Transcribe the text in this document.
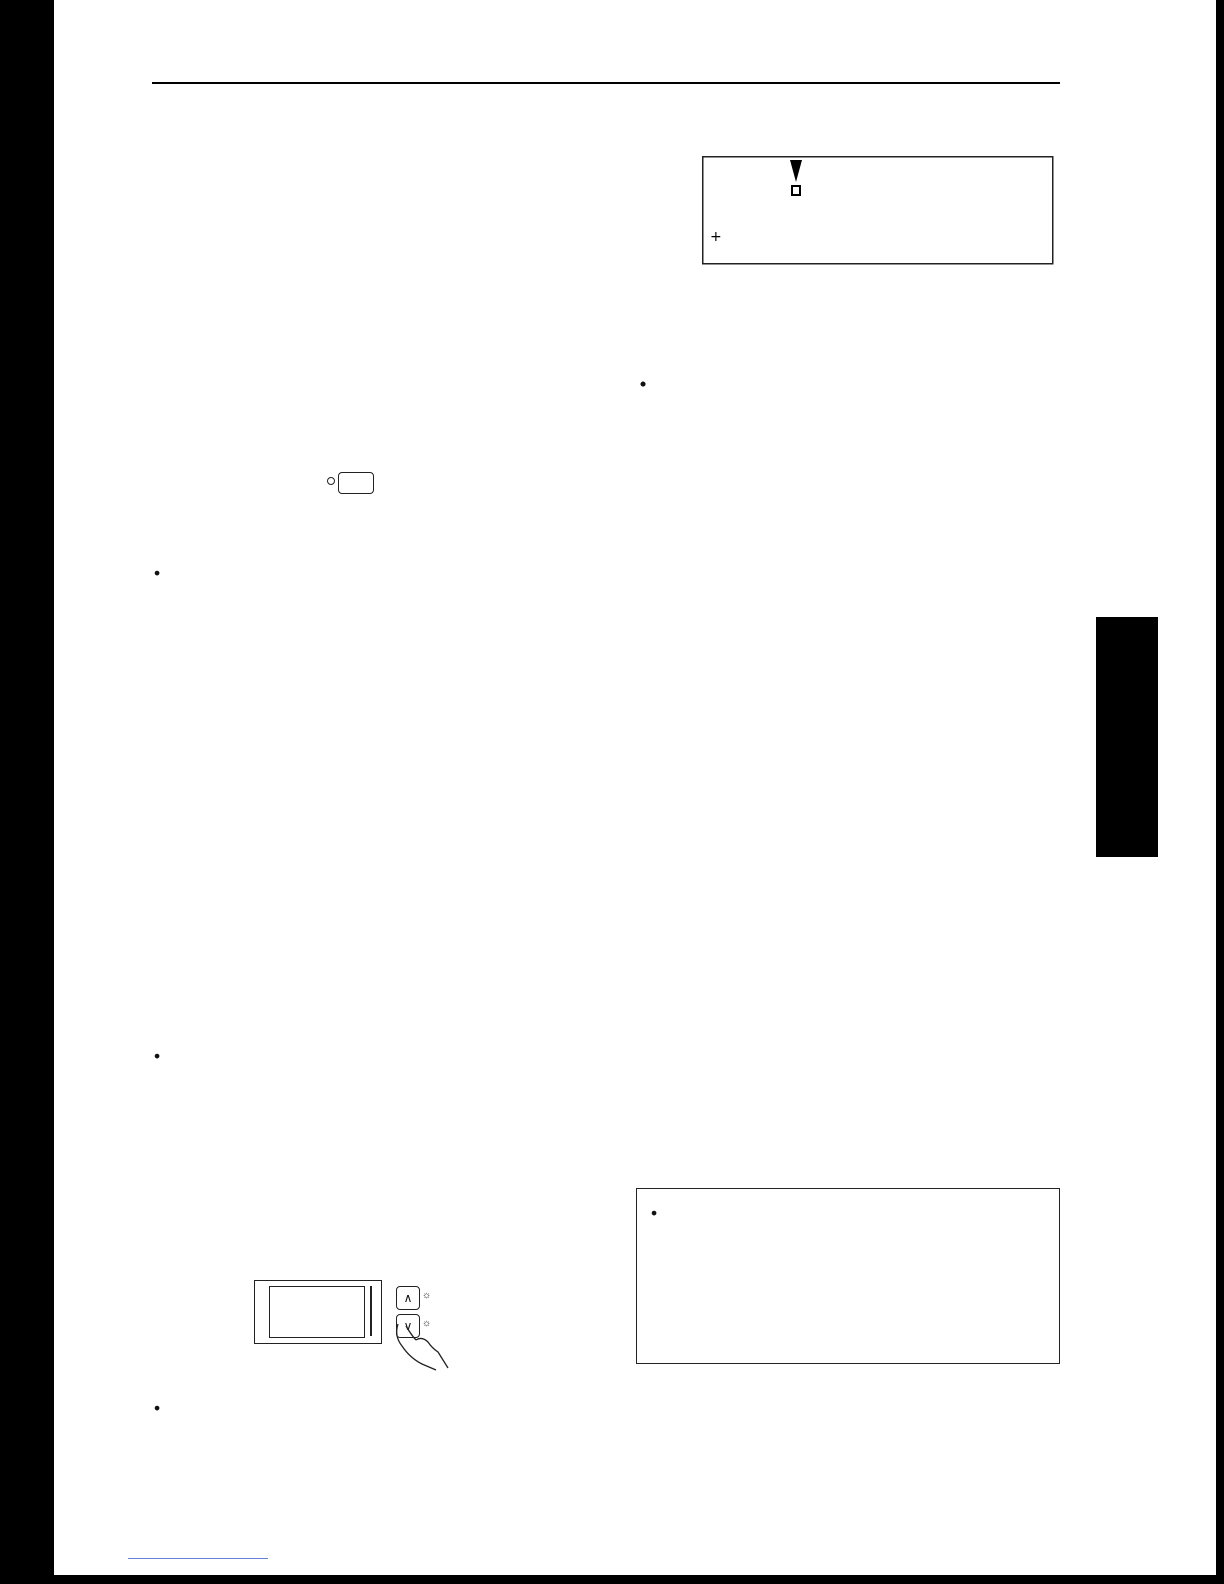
+
∧
∨
☼
☼
